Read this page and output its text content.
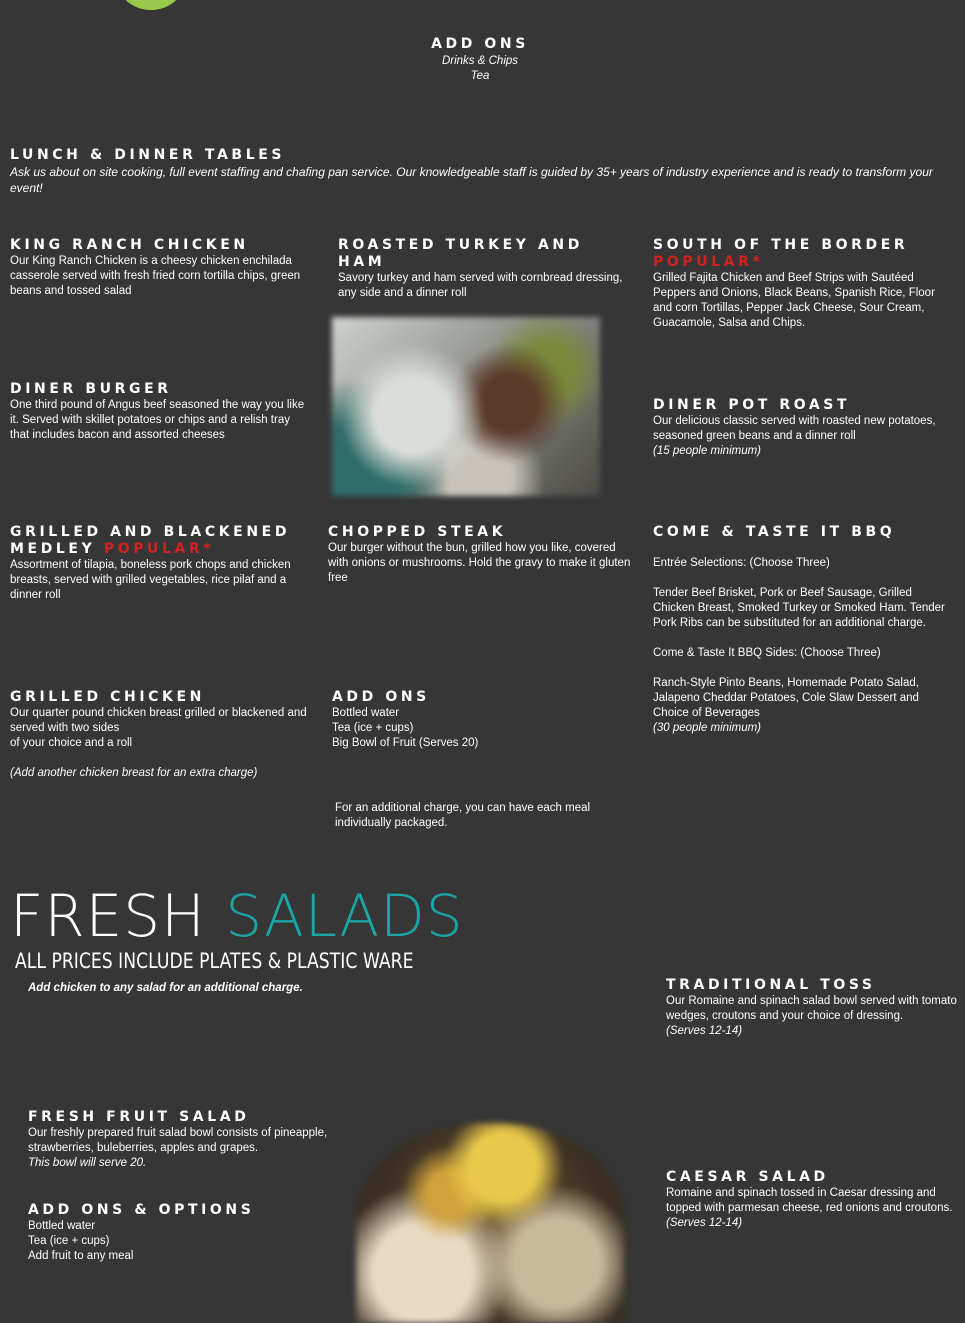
ADD ONS
Drinks & Chips
Tea
LUNCH & DINNER TABLES
Ask us about on site cooking, full event staffing and chafing pan service. Our knowledgeable staff is guided by 35+ years of industry experience and is ready to transform your event!
KING RANCH CHICKEN
Our King Ranch Chicken is a cheesy chicken enchilada casserole served with fresh fried corn tortilla chips, green beans and tossed salad
ROASTED TURKEY AND HAM
Savory turkey and ham served with cornbread dressing, any side and a dinner roll
SOUTH OF THE BORDER
POPULAR*
Grilled Fajita Chicken and Beef Strips with Sautéed Peppers and Onions, Black Beans, Spanish Rice, Floor and corn Tortillas, Pepper Jack Cheese, Sour Cream, Guacamole, Salsa and Chips.
DINER BURGER
One third pound of Angus beef seasoned the way you like it. Served with skillet potatoes or chips and a relish tray that includes bacon and assorted cheeses
DINER POT ROAST
Our delicious classic served with roasted new potatoes, seasoned green beans and a dinner roll
(15 people minimum)
GRILLED AND BLACKENED
MEDLEY POPULAR*
Assortment of tilapia, boneless pork chops and chicken breasts, served with grilled vegetables, rice pilaf and a dinner roll
CHOPPED STEAK
Our burger without the bun, grilled how you like, covered with onions or mushrooms. Hold the gravy to make it gluten free
COME & TASTE IT BBQ
Entrée Selections: (Choose Three)
Tender Beef Brisket, Pork or Beef Sausage, Grilled Chicken Breast, Smoked Turkey or Smoked Ham. Tender Pork Ribs can be substituted for an additional charge.
Come & Taste It BBQ Sides: (Choose Three)
Ranch-Style Pinto Beans, Homemade Potato Salad, Jalapeno Cheddar Potatoes, Cole Slaw Dessert and Choice of Beverages
(30 people minimum)
GRILLED CHICKEN
Our quarter pound chicken breast grilled or blackened and served with two sides
of your choice and a roll
(Add another chicken breast for an extra charge)
ADD ONS
Bottled water
Tea (ice + cups)
Big Bowl of Fruit (Serves 20)
For an additional charge, you can have each meal individually packaged.
FRESH SALADS
ALL PRICES INCLUDE PLATES & PLASTIC WARE
Add chicken to any salad for an additional charge.	TRADITIONAL TOSS
Our Romaine and spinach salad bowl served with tomato wedges, croutons and your choice of dressing.
(Serves 12-14)
FRESH FRUIT SALAD
Our freshly prepared fruit salad bowl consists of pineapple, strawberries, buleberries, apples and grapes.
This bowl will serve 20.
CAESAR SALAD
Romaine and spinach tossed in Caesar dressing and topped with parmesan cheese, red onions and croutons.
(Serves 12-14)
ADD ONS & OPTIONS
Bottled water
Tea (ice + cups)
Add fruit to any meal
